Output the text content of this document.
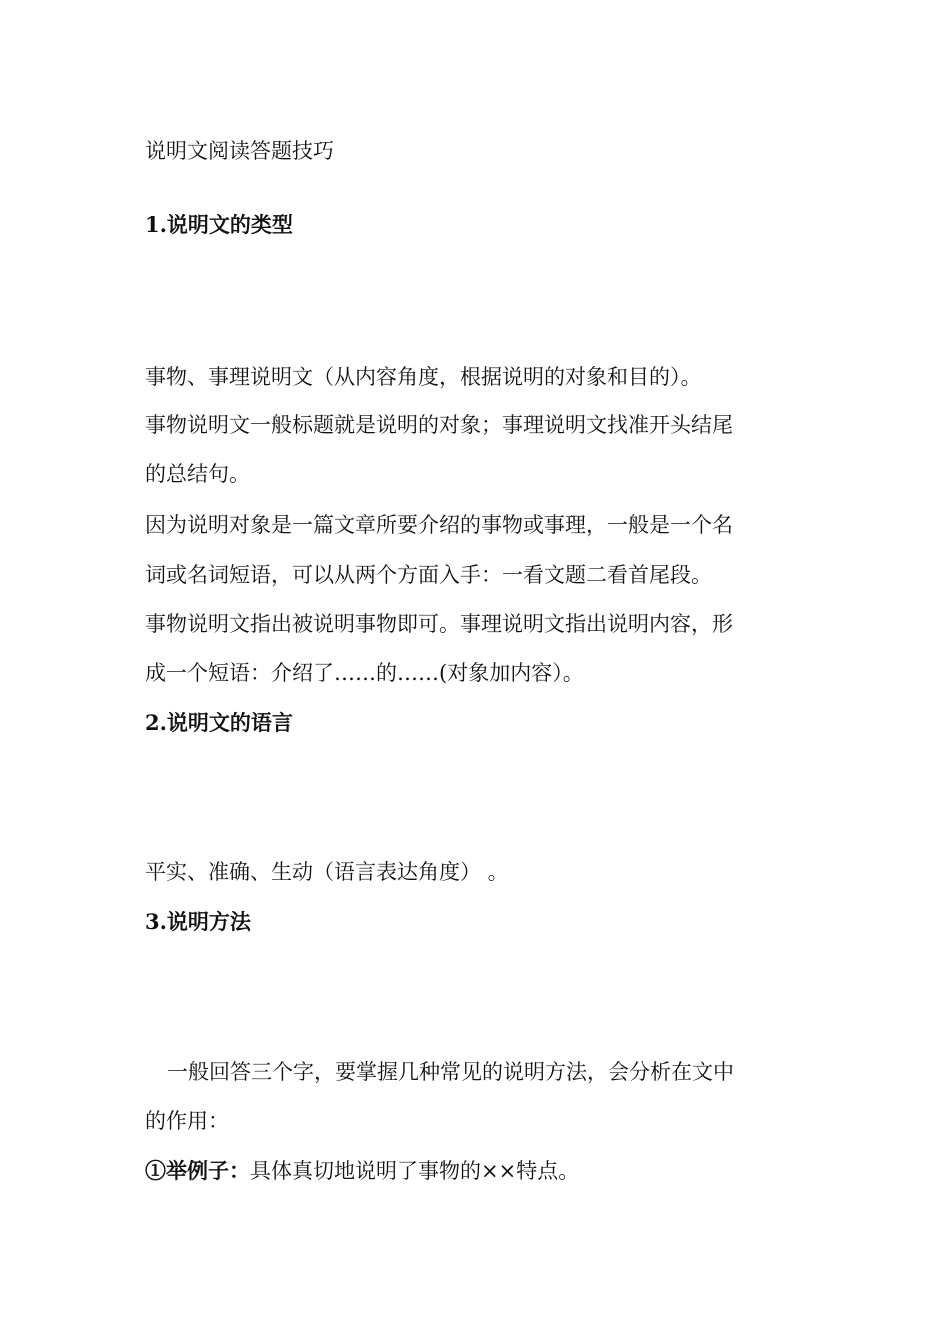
说明文阅读答题技巧
1.说明文的类型
事物、事理说明文（从内容角度，根据说明的对象和目的）。
事物说明文一般标题就是说明的对象；事理说明文找准开头结尾
的总结句。
因为说明对象是一篇文章所要介绍的事物或事理，一般是一个名
词或名词短语，可以从两个方面入手：一看文题二看首尾段。
事物说明文指出被说明事物即可。事理说明文指出说明内容，形
成一个短语：介绍了……的……(对象加内容）。
2.说明文的语言
平实、准确、生动（语言表达角度） 。
3.说明方法
一般回答三个字，要掌握几种常见的说明方法，会分析在文中
的作用：
①举例子：具体真切地说明了事物的××特点。
